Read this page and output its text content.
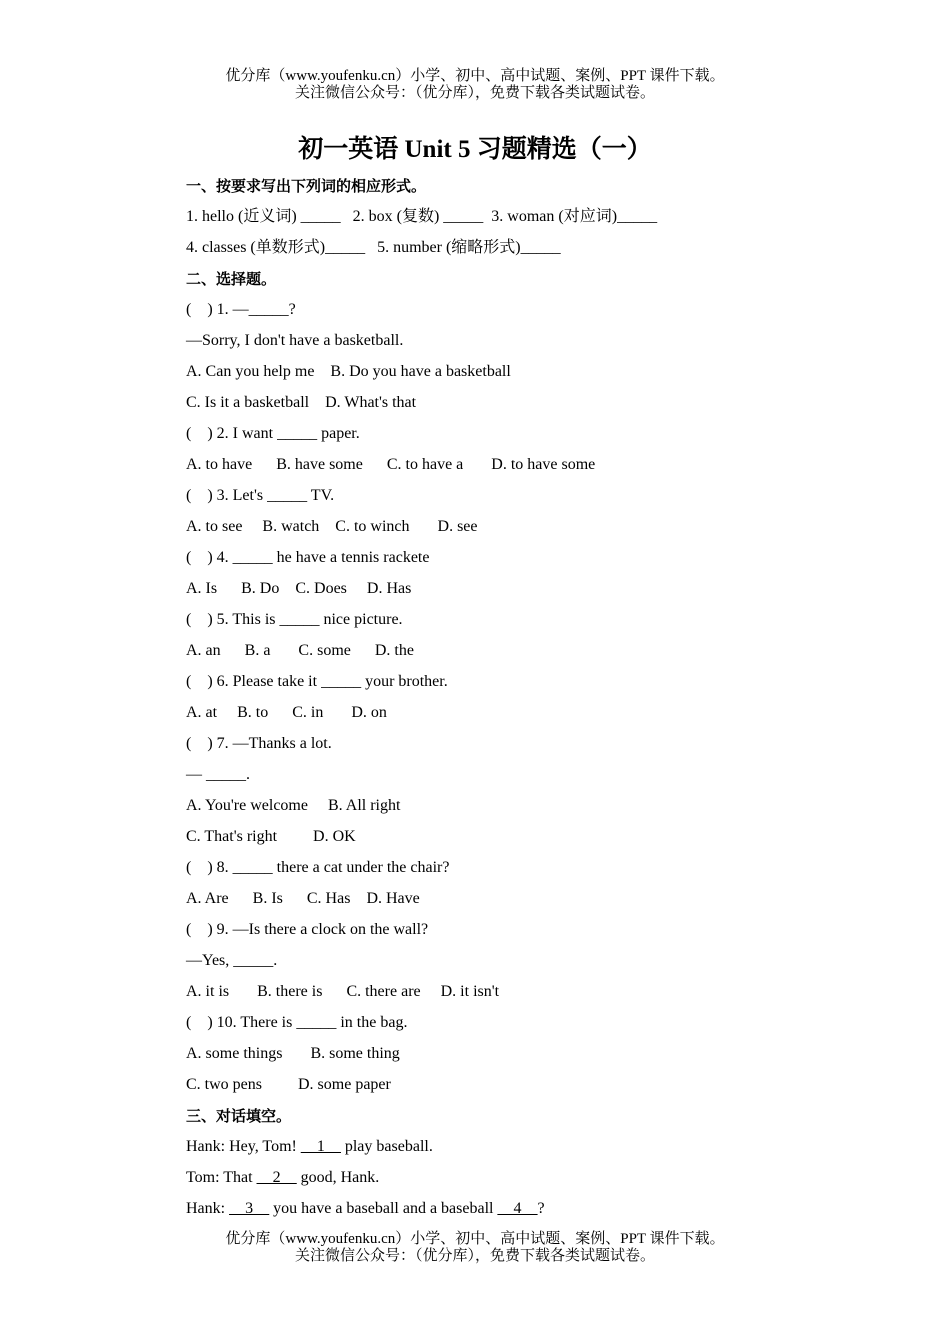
优分库（www.youfenku.cn）小学、初中、高中试题、案例、PPT 课件下载。
关注微信公众号：（优分库），免费下载各类试题试卷。
初一英语 Unit 5 习题精选（一）
一、按要求写出下列词的相应形式。
1. hello (近义词) _____   2. box (复数) _____  3. woman (对应词)_____
4. classes (单数形式)_____   5. number (缩略形式)_____
二、选择题。
(    ) 1. —_____?
—Sorry, I don't have a basketball.
A. Can you help me    B. Do you have a basketball
C. Is it a basketball    D. What's that
(    ) 2. I want _____ paper.
A. to have      B. have some      C. to have a       D. to have some
(    ) 3. Let's _____ TV.
A. to see     B. watch    C. to winch       D. see
(    ) 4. _____ he have a tennis rackete
A. Is      B. Do    C. Does     D. Has
(    ) 5. This is _____ nice picture.
A. an      B. a       C. some      D. the
(    ) 6. Please take it _____ your brother.
A. at     B. to      C. in       D. on
(    ) 7. —Thanks a lot.
— _____.
A. You're welcome     B. All right
C. That's right         D. OK
(    ) 8. _____ there a cat under the chair?
A. Are      B. Is      C. Has    D. Have
(    ) 9. —Is there a clock on the wall?
—Yes, _____.
A. it is       B. there is      C. there are     D. it isn't
(    ) 10. There is _____ in the bag.
A. some things       B. some thing
C. two pens         D. some paper
三、对话填空。
Hank: Hey, Tom! __1__ play baseball.
Tom: That __2__ good, Hank.
Hank: __3__ you have a baseball and a baseball __4__?
优分库（www.youfenku.cn）小学、初中、高中试题、案例、PPT 课件下载。
关注微信公众号：（优分库），免费下载各类试题试卷。
